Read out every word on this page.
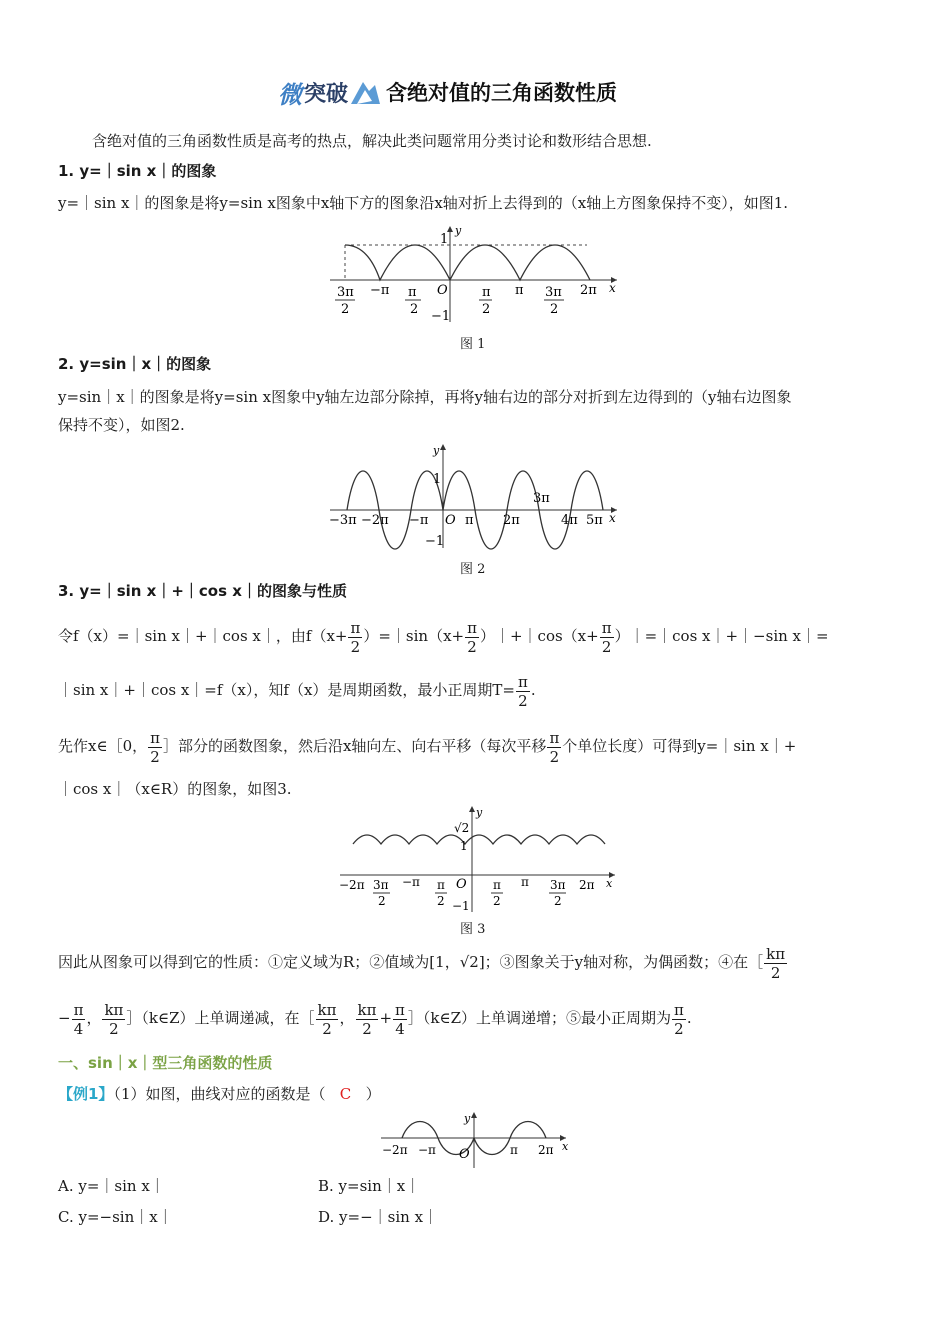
微 突破 含绝对值的三角函数性质
含绝对值的三角函数性质是高考的热点，解决此类问题常用分类讨论和数形结合思想.
1. y=｜sin x｜的图象
y=｜sin x｜的图象是将y=sin x图象中x轴下方的图象沿x轴对折上去得到的（x轴上方图象保持不变），如图1.
3π
2
−π π
2
O	π
2
π 3π
2
2π x
y
1
−1
图 1
2. y=sin｜x｜的图象
y=sin｜x｜的图象是将y=sin x图象中y轴左边部分除掉，再将y轴右边的部分对折到左边得到的（y轴右边图象
保持不变），如图2.
−3π −2π −π O π 2π
3π
4π 5π x
y
1
−1
图 2
3. y=｜sin x｜+｜cos x｜的图象与性质
令f（x）=｜sin x｜+｜cos x｜，由$f(x+ \frac{\pi}{2}$ ）=｜sin（x+ $\frac{\pi}{2}$ ）｜+｜cos（x+ $\frac{\pi}{2}$ ）｜=｜cos x｜+｜−sin x｜=
｜sin x｜+｜cos x｜=f（x），知f（x）是周期函数，最小正周期$T= \frac{\pi}{2}$ .
先作x∈［0， $\frac{\pi}{2}$ ］部分的函数图象，然后沿x轴向左、向右平移（每次平移 $\frac{\pi}{2}$ 个单位长度）可得到y=｜sin x｜+
｜cos x｜（x∈R）的图象，如图3.
−2π 3π
2
−π π
2
O π
2
π 3π
2
2π x
y
√2
1
−1
图 3
因此从图象可以得到它的性质：①定义域为R；②值域为[1，√2]；③图象关于y轴对称，为偶函数；④在［ $\frac{k\pi}{2}$
− $\frac{\pi}{4}$ ， $\frac{k\pi}{2}$ ］（k∈Z）上单调递减，在［ $\frac{k\pi}{2}$ ， $\frac{k\pi}{2} + \frac{\pi}{4}$ ］（k∈Z）上单调递增；⑤最小正周期为 $\frac{\pi}{2}$ .
一、sin｜x｜型三角函数的性质
【例1】（1）如图，曲线对应的函数是（ C ）
−2π −π O	π 2π x
y
A. y=｜sin x｜	B. y=sin｜x｜
C. y=−sin｜x｜	D. y=−｜sin x｜
